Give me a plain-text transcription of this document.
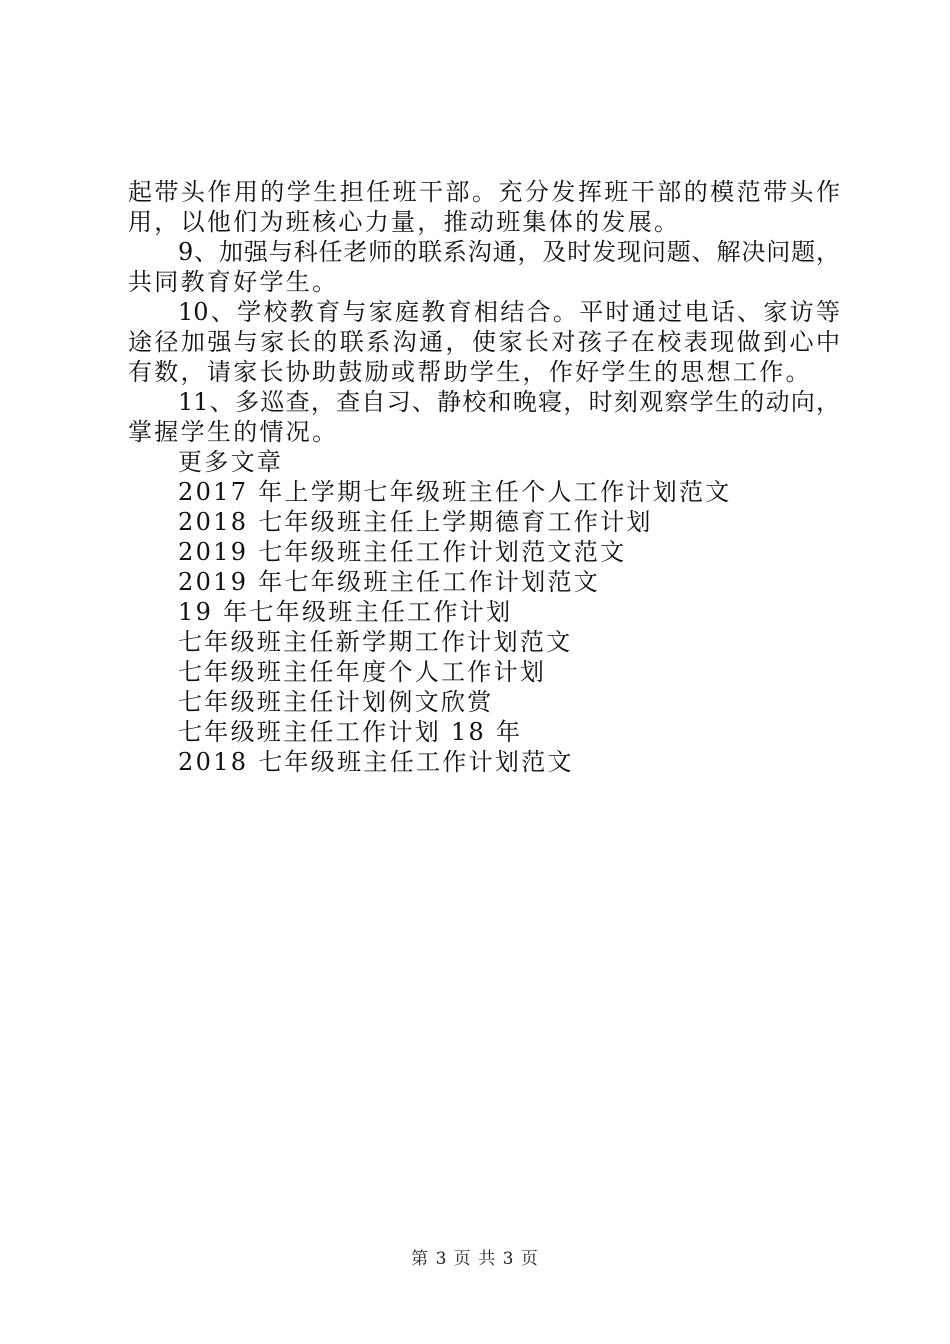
起带头作用的学生担任班干部。充分发挥班干部的模范带头作
用，以他们为班核心力量，推动班集体的发展。
9、加强与科任老师的联系沟通，及时发现问题、解决问题，
共同教育好学生。
10、学校教育与家庭教育相结合。平时通过电话、家访等
途径加强与家长的联系沟通，使家长对孩子在校表现做到心中
有数，请家长协助鼓励或帮助学生，作好学生的思想工作。
11、多巡查，查自习、静校和晚寝，时刻观察学生的动向，
掌握学生的情况。
更多文章
2017 年上学期七年级班主任个人工作计划范文
2018 七年级班主任上学期德育工作计划
2019 七年级班主任工作计划范文范文
2019 年七年级班主任工作计划范文
19 年七年级班主任工作计划
七年级班主任新学期工作计划范文
七年级班主任年度个人工作计划
七年级班主任计划例文欣赏
七年级班主任工作计划 18 年
2018 七年级班主任工作计划范文
第 3 页 共 3 页
